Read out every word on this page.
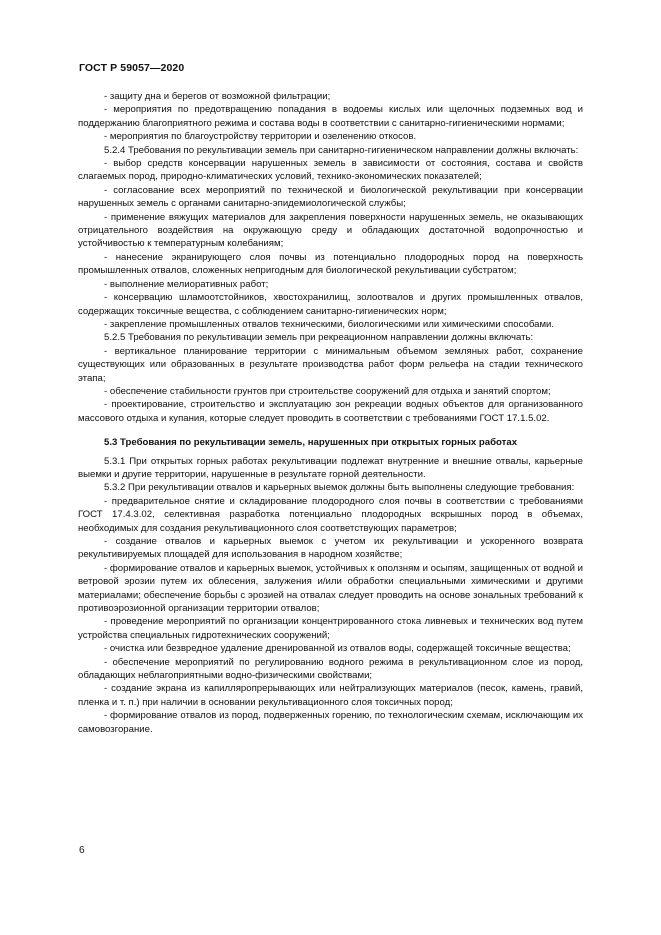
ГОСТ Р 59057—2020

- защиту дна и берегов от возможной фильтрации;

- мероприятия по предотвращению попадания в водоемы кислых или щелочных подземных вод и поддержанию благоприятного режима и состава воды в соответствии с санитарно-гигиеническими нормами;

- мероприятия по благоустройству территории и озеленению откосов.

5.2.4 Требования по рекультивации земель при санитарно-гигиеническом направлении должны включать:

- выбор средств консервации нарушенных земель в зависимости от состояния, состава и свойств слагаемых пород, природно-климатических условий, технико-экономических показателей;

- согласование всех мероприятий по технической и биологической рекультивации при консервации нарушенных земель с органами санитарно-эпидемиологической службы;

- применение вяжущих материалов для закрепления поверхности нарушенных земель, не оказывающих отрицательного воздействия на окружающую среду и обладающих достаточной водопрочностью и устойчивостью к температурным колебаниям;

- нанесение экранирующего слоя почвы из потенциально плодородных пород на поверхность промышленных отвалов, сложенных непригодным для биологической рекультивации субстратом;

- выполнение мелиоративных работ;

- консервацию шламоотстойников, хвостохранилищ, золоотвалов и других промышленных отвалов, содержащих токсичные вещества, с соблюдением санитарно-гигиенических норм;

- закрепление промышленных отвалов техническими, биологическими или химическими способами.

5.2.5 Требования по рекультивации земель при рекреационном направлении должны включать:

- вертикальное планирование территории с минимальным объемом земляных работ, сохранение существующих или образованных в результате производства работ форм рельефа на стадии технического этапа;

- обеспечение стабильности грунтов при строительстве сооружений для отдыха и занятий спортом;

- проектирование, строительство и эксплуатацию зон рекреации водных объектов для организованного массового отдыха и купания, которые следует проводить в соответствии с требованиями ГОСТ 17.1.5.02.

5.3 Требования по рекультивации земель, нарушенных при открытых горных работах

5.3.1 При открытых горных работах рекультивации подлежат внутренние и внешние отвалы, карьерные выемки и другие территории, нарушенные в результате горной деятельности.

5.3.2 При рекультивации отвалов и карьерных выемок должны быть выполнены следующие требования:

- предварительное снятие и складирование плодородного слоя почвы в соответствии с требованиями ГОСТ 17.4.3.02, селективная разработка потенциально плодородных вскрышных пород в объемах, необходимых для создания рекультивационного слоя соответствующих параметров;

- создание отвалов и карьерных выемок с учетом их рекультивации и ускоренного возврата рекультивируемых площадей для использования в народном хозяйстве;

- формирование отвалов и карьерных выемок, устойчивых к оползням и осыпям, защищенных от водной и ветровой эрозии путем их облесения, залужения и/или обработки специальными химическими и другими материалами; обеспечение борьбы с эрозией на отвалах следует проводить на основе зональных требований к противоэрозионной организации территории отвалов;

- проведение мероприятий по организации концентрированного стока ливневых и технических вод путем устройства специальных гидротехнических сооружений;

- очистка или безвредное удаление дренированной из отвалов воды, содержащей токсичные вещества;

- обеспечение мероприятий по регулированию водного режима в рекультивационном слое из пород, обладающих неблагоприятными водно-физическими свойствами;

- создание экрана из капилляропрерывающих или нейтрализующих материалов (песок, камень, гравий, пленка и т. п.) при наличии в основании рекультивационного слоя токсичных пород;

- формирование отвалов из пород, подверженных горению, по технологическим схемам, исключающим их самовозгорание.

6
